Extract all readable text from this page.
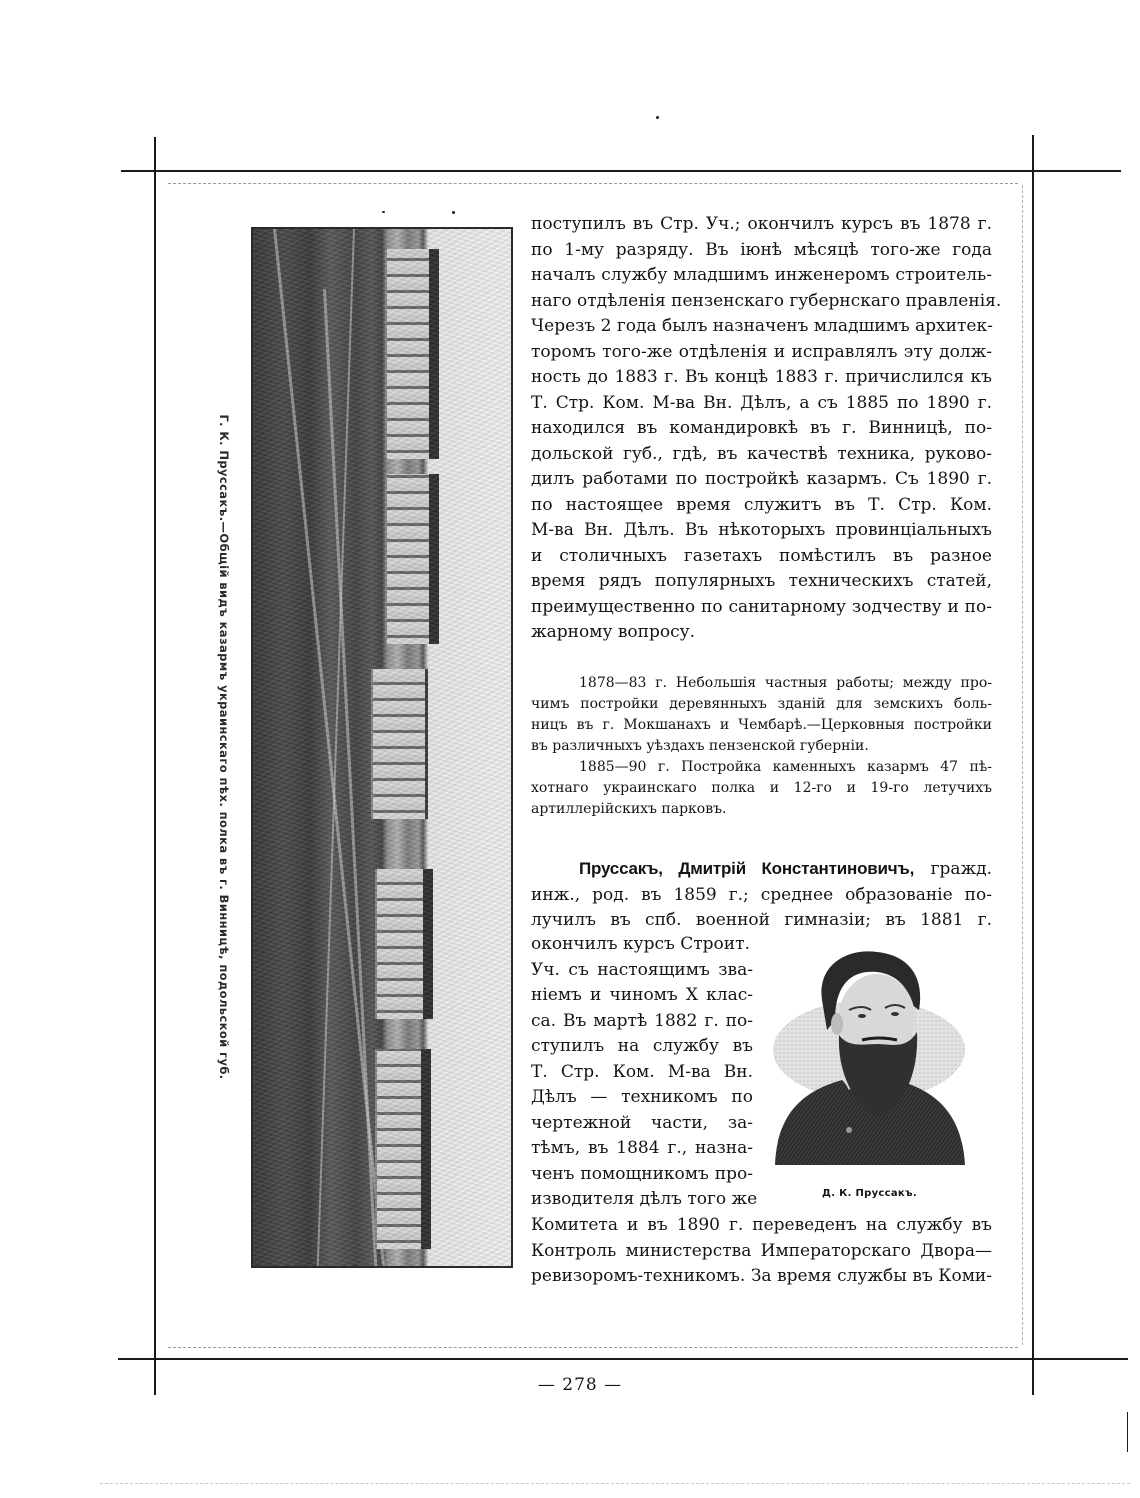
Г. К. Пруссакъ.—Общій видъ казармъ украинскаго пѣх. полка въ г. Винницѣ, подольской губ.
поступилъ въ Стр. Уч.; окончилъ курсъ въ 1878 г.
по 1-му разряду. Въ іюнѣ мѣсяцѣ того-же года
началъ службу младшимъ инженеромъ строитель-
наго отдѣленія пензенскаго губернскаго правленія.
Черезъ 2 года былъ назначенъ младшимъ архитек-
торомъ того-же отдѣленія и исправлялъ эту долж-
ность до 1883 г. Въ концѣ 1883 г. причислился къ
Т. Стр. Ком. М-ва Вн. Дѣлъ, а съ 1885 по 1890 г.
находился въ командировкѣ въ г. Винницѣ, по-
дольской губ., гдѣ, въ качествѣ техника, руково-
дилъ работами по постройкѣ казармъ. Съ 1890 г.
по настоящее время служитъ въ Т. Стр. Ком.
М-ва Вн. Дѣлъ. Въ нѣкоторыхъ провинціальныхъ
и столичныхъ газетахъ помѣстилъ въ разное
время рядъ популярныхъ техническихъ статей,
преимущественно по санитарному зодчеству и по-
жарному вопросу.
1878—83 г. Небольшія частныя работы; между про-
чимъ постройки деревянныхъ зданій для земскихъ боль-
ницъ въ г. Мокшанахъ и Чембарѣ.—Церковныя постройки
въ различныхъ уѣздахъ пензенской губерніи.
1885—90 г. Постройка каменныхъ казармъ 47 пѣ-
хотнаго украинскаго полка и 12-го и 19-го летучихъ
артиллерійскихъ парковъ.
Пруссакъ, Дмитрій Константиновичъ, гражд.
инж., род. въ 1859 г.; среднее образованіе по-
лучилъ въ спб. военной гимназіи; въ 1881 г.
окончилъ курсъ Строит.
Уч. съ настоящимъ зва-
ніемъ и чиномъ X клас-
са. Въ мартѣ 1882 г. по-
ступилъ на службу въ
Т. Стр. Ком. М-ва Вн.
Дѣлъ — техникомъ по
чертежной части, за-
тѣмъ, въ 1884 г., назна-
ченъ помощникомъ про-
изводителя дѣлъ того же
Комитета и въ 1890 г. переведенъ на службу въ
Контроль министерства Императорскаго Двора—
ревизоромъ-техникомъ. За время службы въ Коми-
Д. К. Пруссакъ.
— 278 —
